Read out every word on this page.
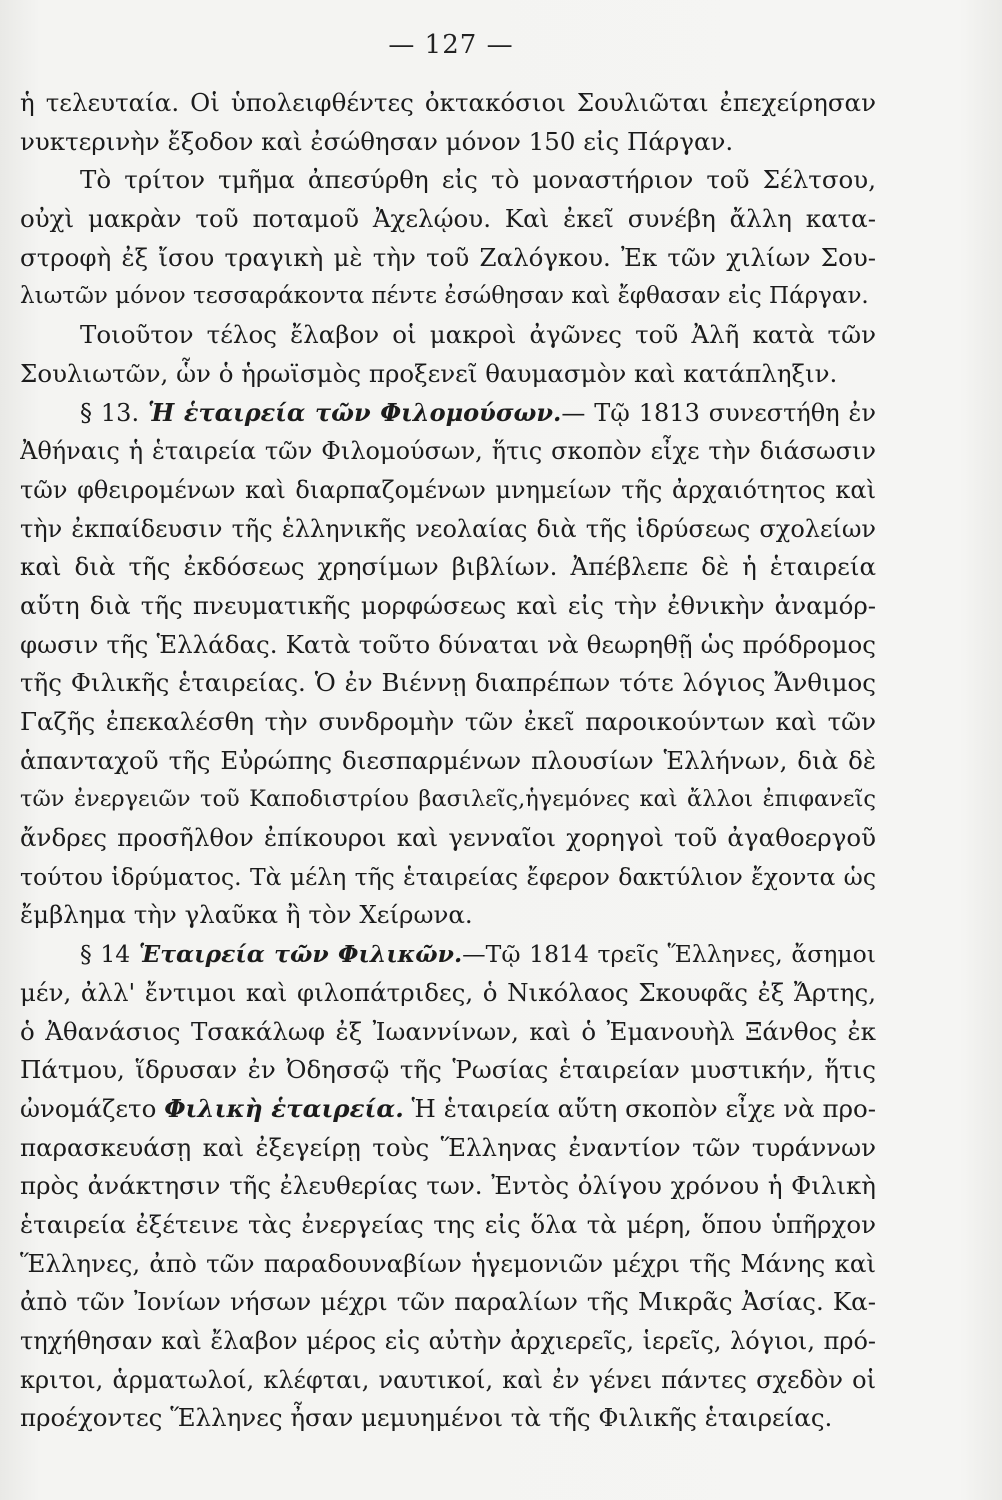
— 127 —
ἡ τελευταία. Οἱ ὑπολειφθέντες ὀκτακόσιοι Σουλιῶται ἐπεχείρησαν
νυκτερινὴν ἔξοδον καὶ ἐσώθησαν μόνον 150 εἰς Πάργαν.
Τὸ τρίτον τμῆμα ἀπεσύρθη εἰς τὸ μοναστήριον τοῦ Σέλτσου,
οὐχὶ μακρὰν τοῦ ποταμοῦ Ἀχελῴου. Καὶ ἐκεῖ συνέβη ἄλλη κατα-
στροφὴ ἐξ ἴσου τραγικὴ μὲ τὴν τοῦ Ζαλόγκου. Ἐκ τῶν χιλίων Σου-
λιωτῶν μόνον τεσσαράκοντα πέντε ἐσώθησαν καὶ ἔφθασαν εἰς Πάργαν.
Τοιοῦτον τέλος ἔλαβον οἱ μακροὶ ἀγῶνες τοῦ Ἀλῆ κατὰ τῶν
Σουλιωτῶν, ὧν ὁ ἡρωϊσμὸς προξενεῖ θαυμασμὸν καὶ κατάπληξιν.
§ 13. Ἡ ἑταιρεία τῶν Φιλομούσων.— Τῷ 1813 συνεστήθη ἐν
Ἀθήναις ἡ ἑταιρεία τῶν Φιλομούσων, ἥτις σκοπὸν εἶχε τὴν διάσωσιν
τῶν φθειρομένων καὶ διαρπαζομένων μνημείων τῆς ἀρχαιότητος καὶ
τὴν ἐκπαίδευσιν τῆς ἑλληνικῆς νεολαίας διὰ τῆς ἱδρύσεως σχολείων
καὶ διὰ τῆς ἐκδόσεως χρησίμων βιβλίων. Ἀπέβλεπε δὲ ἡ ἑταιρεία
αὕτη διὰ τῆς πνευματικῆς μορφώσεως καὶ εἰς τὴν ἐθνικὴν ἀναμόρ-
φωσιν τῆς Ἑλλάδας. Κατὰ τοῦτο δύναται νὰ θεωρηθῇ ὡς πρόδρομος
τῆς Φιλικῆς ἑταιρείας. Ὁ ἐν Βιέννῃ διαπρέπων τότε λόγιος Ἄνθιμος
Γαζῆς ἐπεκαλέσθη τὴν συνδρομὴν τῶν ἐκεῖ παροικούντων καὶ τῶν
ἁπανταχοῦ τῆς Εὐρώπης διεσπαρμένων πλουσίων Ἑλλήνων, διὰ δὲ
τῶν ἐνεργειῶν τοῦ Καποδιστρίου βασιλεῖς,ἡγεμόνες καὶ ἄλλοι ἐπιφανεῖς
ἄνδρες προσῆλθον ἐπίκουροι καὶ γενναῖοι χορηγοὶ τοῦ ἀγαθοεργοῦ
τούτου ἱδρύματος. Τὰ μέλη τῆς ἑταιρείας ἔφερον δακτύλιον ἔχοντα ὡς
ἔμβλημα τὴν γλαῦκα ἢ τὸν Χείρωνα.
§ 14 Ἑταιρεία τῶν Φιλικῶν.—Τῷ 1814 τρεῖς Ἕλληνες, ἄσημοι
μέν, ἀλλ' ἔντιμοι καὶ φιλοπάτριδες, ὁ Νικόλαος Σκουφᾶς ἐξ Ἄρτης,
ὁ Ἀθανάσιος Τσακάλωφ ἐξ Ἰωαννίνων, καὶ ὁ Ἐμανουὴλ Ξάνθος ἐκ
Πάτμου, ἵδρυσαν ἐν Ὀδησσῷ τῆς Ῥωσίας ἑταιρείαν μυστικήν, ἥτις
ὠνομάζετο Φιλικὴ ἑταιρεία. Ἡ ἑταιρεία αὕτη σκοπὸν εἶχε νὰ προ-
παρασκευάσῃ καὶ ἐξεγείρῃ τοὺς Ἕλληνας ἐναντίον τῶν τυράννων
πρὸς ἀνάκτησιν τῆς ἐλευθερίας των. Ἐντὸς ὀλίγου χρόνου ἡ Φιλικὴ
ἑταιρεία ἐξέτεινε τὰς ἐνεργείας της εἰς ὅλα τὰ μέρη, ὅπου ὑπῆρχον
Ἕλληνες, ἀπὸ τῶν παραδουναβίων ἡγεμονιῶν μέχρι τῆς Μάνης καὶ
ἀπὸ τῶν Ἰονίων νήσων μέχρι τῶν παραλίων τῆς Μικρᾶς Ἀσίας. Κα-
τηχήθησαν καὶ ἔλαβον μέρος εἰς αὐτὴν ἀρχιερεῖς, ἱερεῖς, λόγιοι, πρό-
κριτοι, ἁρματωλοί, κλέφται, ναυτικοί, καὶ ἐν γένει πάντες σχεδὸν οἱ
προέχοντες Ἕλληνες ἦσαν μεμυημένοι τὰ τῆς Φιλικῆς ἑταιρείας.
